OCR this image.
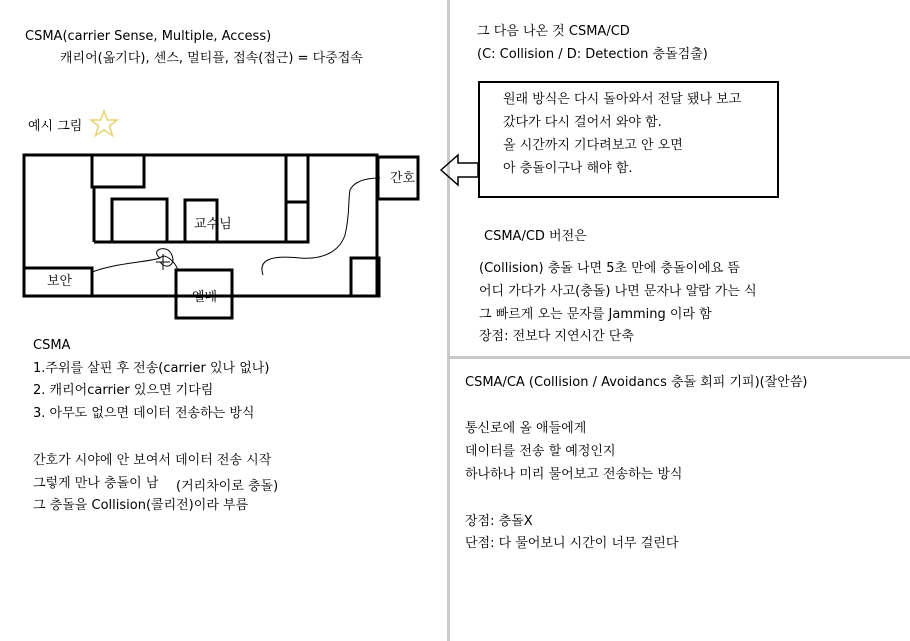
CSMA(carrier Sense, Multiple, Access)
캐리어(옮기다), 센스, 멀티플, 접속(접근) = 다중접속
예시 그림
간호
교수님
보안
엘베
CSMA
1.주위를 살핀 후 전송(carrier 있나 없나)
2. 캐리어carrier 있으면 기다림
3. 아무도 없으면 데이터 전송하는 방식
간호가 시야에 안 보여서 데이터 전송 시작
그렇게 만나 충돌이 남 (거리차이로 충돌)
그 충돌을 Collision(콜리전)이라 부름
그 다음 나온 것 CSMA/CD
(C: Collision / D: Detection 충돌검출)
원래 방식은 다시 돌아와서 전달 됐나 보고
갔다가 다시 걸어서 와야 함.
올 시간까지 기다려보고 안 오면
아 충돌이구나 해야 함.
CSMA/CD 버전은
(Collision) 충돌 나면 5초 만에 충돌이에요 뜸
어디 가다가 사고(충돌) 나면 문자나 알람 가는 식
그 빠르게 오는 문자를 Jamming 이라 함
장점: 전보다 지연시간 단축
CSMA/CA (Collision / Avoidancs 충돌 회피 기피)(잘안씀)
통신로에 올 애들에게
데이터를 전송 할 예정인지
하나하나 미리 물어보고 전송하는 방식
장점: 충돌X
단점: 다 물어보니 시간이 너무 걸린다
